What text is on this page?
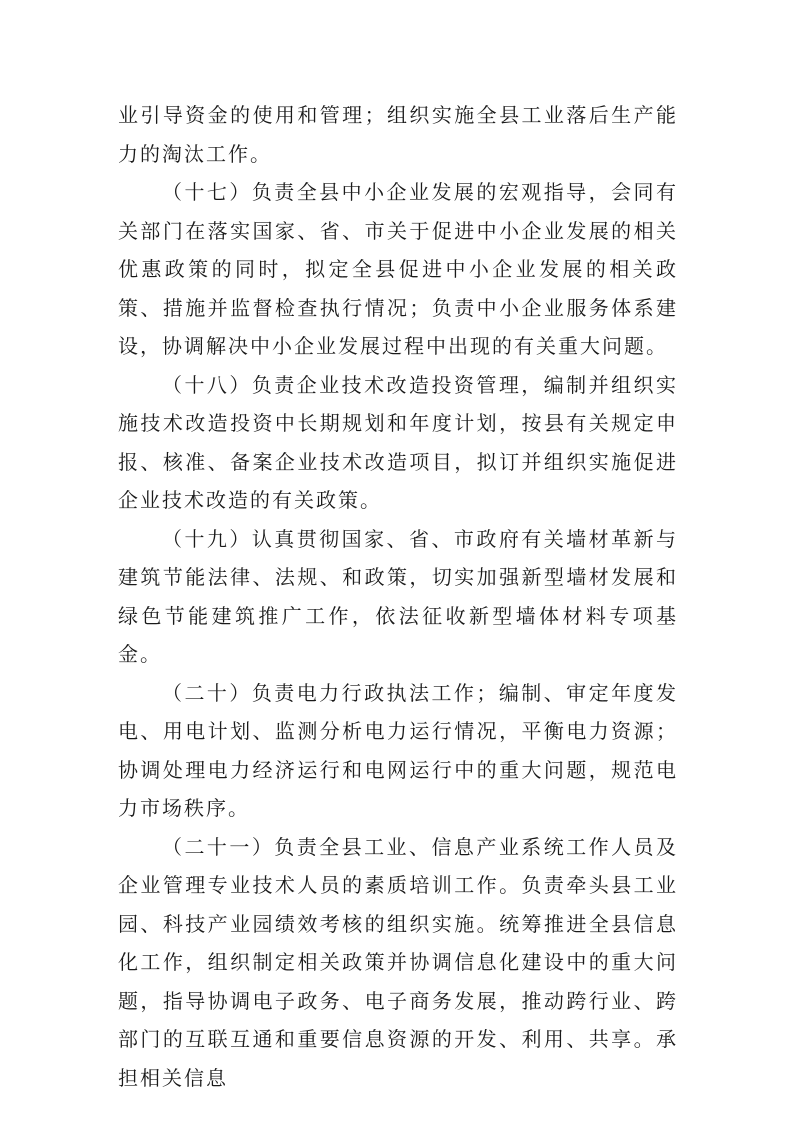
业引导资金的使用和管理；组织实施全县工业落后生产能力的淘汰工作。

（十七）负责全县中小企业发展的宏观指导，会同有关部门在落实国家、省、市关于促进中小企业发展的相关优惠政策的同时，拟定全县促进中小企业发展的相关政策、措施并监督检查执行情况；负责中小企业服务体系建设，协调解决中小企业发展过程中出现的有关重大问题。

（十八）负责企业技术改造投资管理，编制并组织实施技术改造投资中长期规划和年度计划，按县有关规定申报、核准、备案企业技术改造项目，拟订并组织实施促进企业技术改造的有关政策。

（十九）认真贯彻国家、省、市政府有关墙材革新与建筑节能法律、法规、和政策，切实加强新型墙材发展和绿色节能建筑推广工作，依法征收新型墙体材料专项基金。

（二十）负责电力行政执法工作；编制、审定年度发电、用电计划、监测分析电力运行情况，平衡电力资源；协调处理电力经济运行和电网运行中的重大问题，规范电力市场秩序。

（二十一）负责全县工业、信息产业系统工作人员及企业管理专业技术人员的素质培训工作。负责牵头县工业园、科技产业园绩效考核的组织实施。统筹推进全县信息化工作，组织制定相关政策并协调信息化建设中的重大问题，指导协调电子政务、电子商务发展，推动跨行业、跨部门的互联互通和重要信息资源的开发、利用、共享。承担相关信息
